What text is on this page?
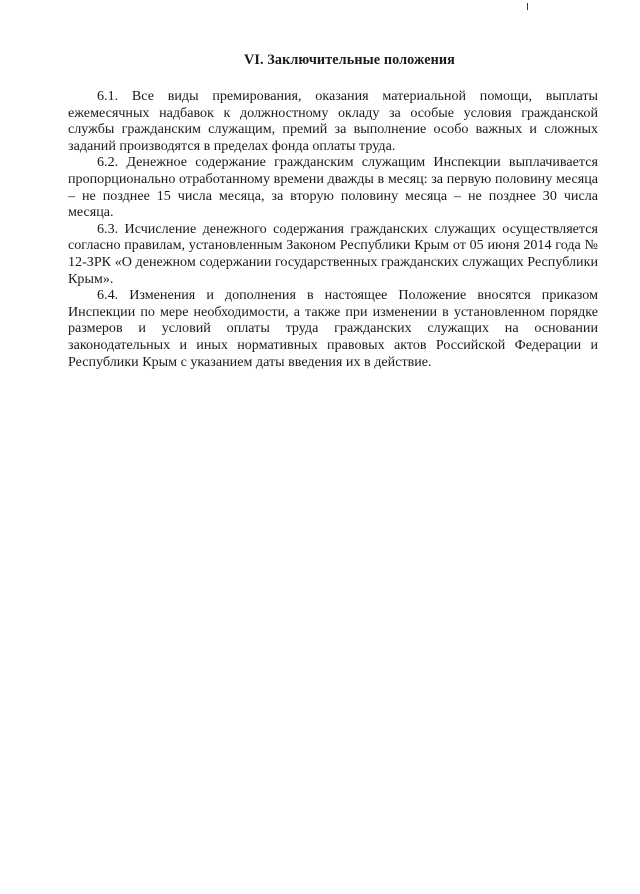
VI. Заключительные положения

6.1. Все виды премирования, оказания материальной помощи, выплаты ежемесячных надбавок к должностному окладу за особые условия гражданской службы гражданским служащим, премий за выполнение особо важных и сложных заданий производятся в пределах фонда оплаты труда.

6.2. Денежное содержание гражданским служащим Инспекции выплачивается пропорционально отработанному времени дважды в месяц: за первую половину месяца – не позднее 15 числа месяца, за вторую половину месяца – не позднее 30 числа месяца.

6.3. Исчисление денежного содержания гражданских служащих осуществляется согласно правилам, установленным Законом Республики Крым от 05 июня 2014 года № 12-ЗРК «О денежном содержании государственных гражданских служащих Республики Крым».

6.4. Изменения и дополнения в настоящее Положение вносятся приказом Инспекции по мере необходимости, а также при изменении в установленном порядке размеров и условий оплаты труда гражданских служащих на основании законодательных и иных нормативных правовых актов Российской Федерации и Республики Крым с указанием даты введения их в действие.
